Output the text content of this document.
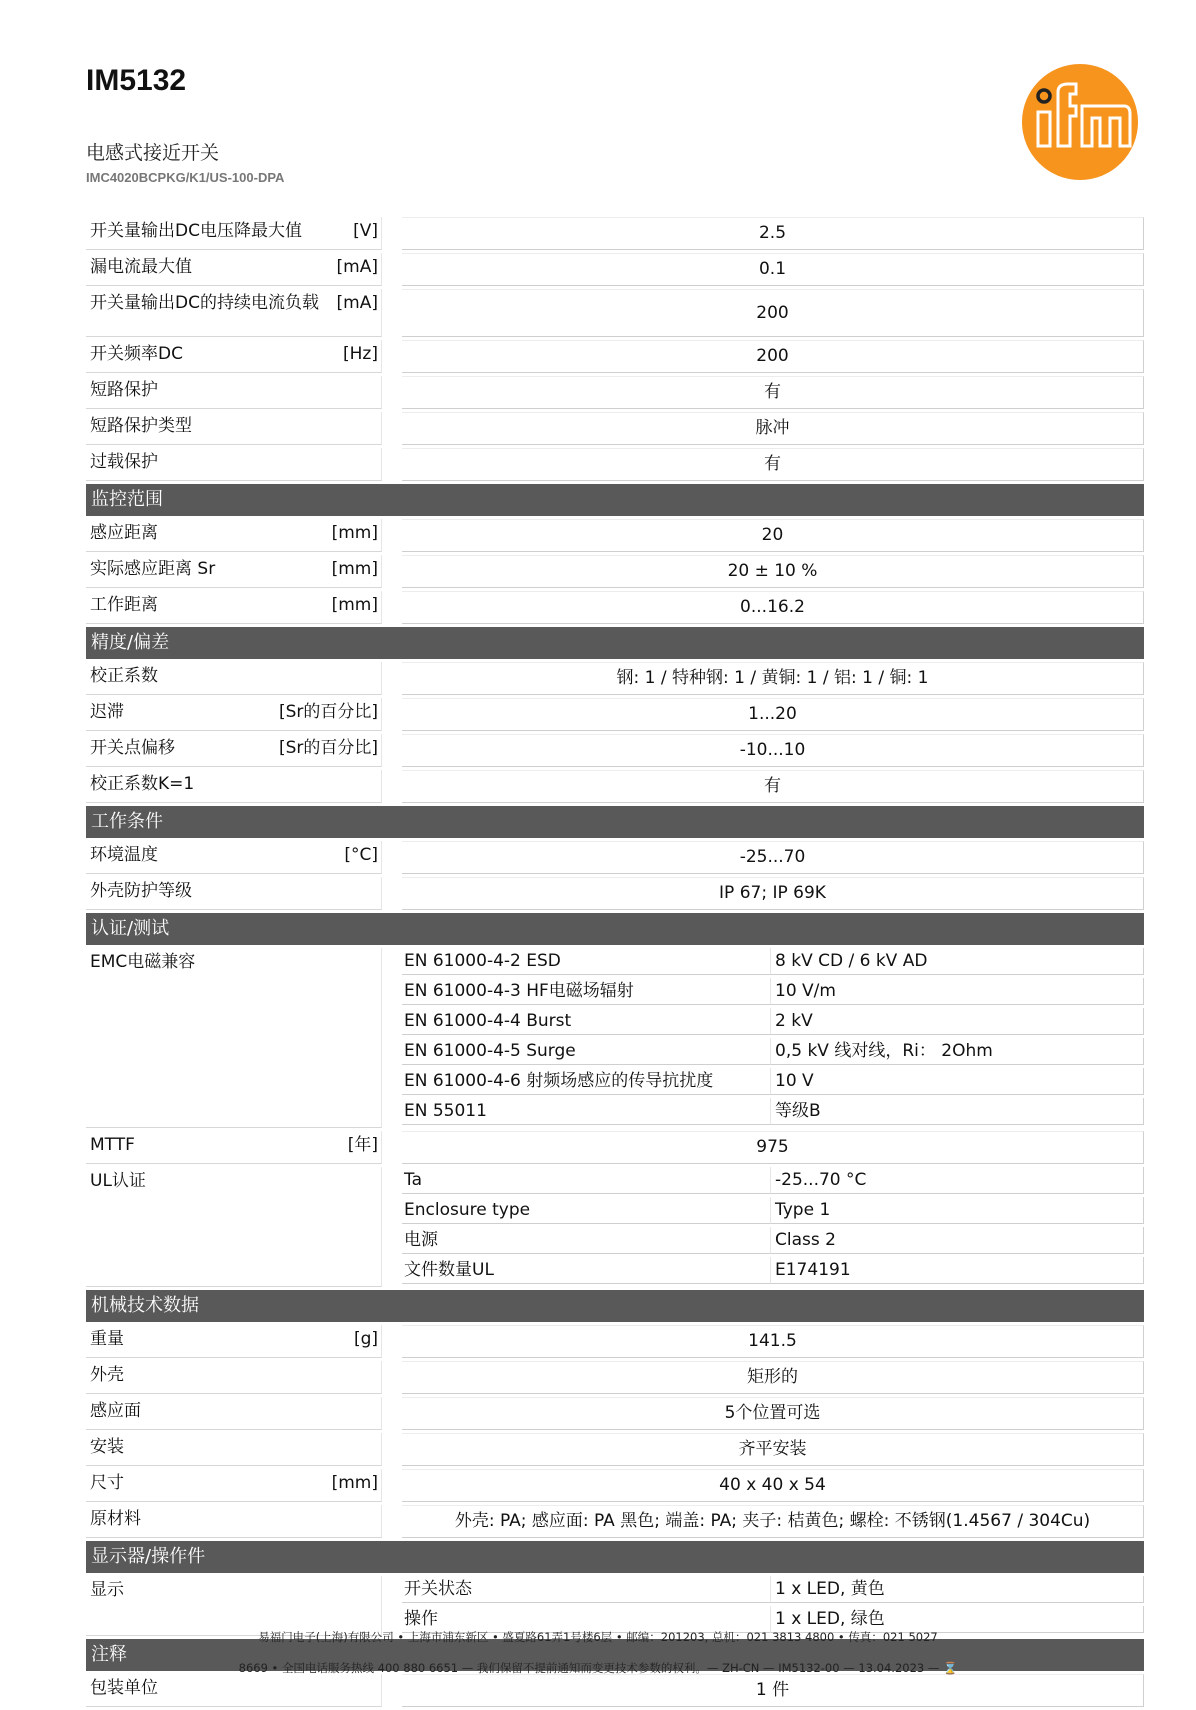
IM5132
电感式接近开关
IMC4020BCPKG/K1/US-100-DPA
开关量输出DC电压降最大值	[V]	2.5
漏电流最大值	[mA]	0.1
开关量输出DC的持续电流负载	[mA]	200
开关频率DC	[Hz]	200
短路保护	有
短路保护类型	脉冲
过载保护	有
监控范围
感应距离	[mm]	20
实际感应距离 Sr	[mm]	20 ± 10 %
工作距离	[mm]	0...16.2
精度/偏差
校正系数	钢: 1 / 特种钢: 1 / 黄铜: 1 / 铝: 1 / 铜: 1
迟滞	[Sr的百分比]	1...20
开关点偏移	[Sr的百分比]	-10...10
校正系数K=1	有
工作条件
环境温度	[°C]	-25...70
外壳防护等级	IP 67; IP 69K
认证/测试
EMC电磁兼容	EN 61000-4-2 ESD	8 kV CD / 6 kV AD
EN 61000-4-3 HF电磁场辐射	10 V/m
EN 61000-4-4 Burst	2 kV
EN 61000-4-5 Surge	0,5 kV 线对线，Ri： 2Ohm
EN 61000-4-6 射频场感应的传导抗扰度	10 V
EN 55011	等级B
MTTF	[年]	975
UL认证	Ta	-25...70 °C
Enclosure type	Type 1
电源	Class 2
文件数量UL	E174191
机械技术数据
重量	[g]	141.5
外壳	矩形的
感应面	5个位置可选
安装	齐平安装
尺寸	[mm]	40 x 40 x 54
原材料	外壳: PA; 感应面: PA 黑色; 端盖: PA; 夹子: 桔黄色; 螺栓: 不锈钢(1.4567 / 304Cu)
显示器/操作件
显示	开关状态	1 x LED, 黄色
操作	1 x LED, 绿色
注释
包装单位	1 件
易福门电子(上海)有限公司 • 上海市浦东新区 • 盛夏路61弄1号楼6层 • 邮编：201203, 总机：021 3813 4800 • 传真：021 5027
8669 • 全国电话服务热线 400 880 6651 — 我们保留不提前通知而变更技术参数的权利。— ZH-CN — IM5132-00 — 13.04.2023 — ⌛
